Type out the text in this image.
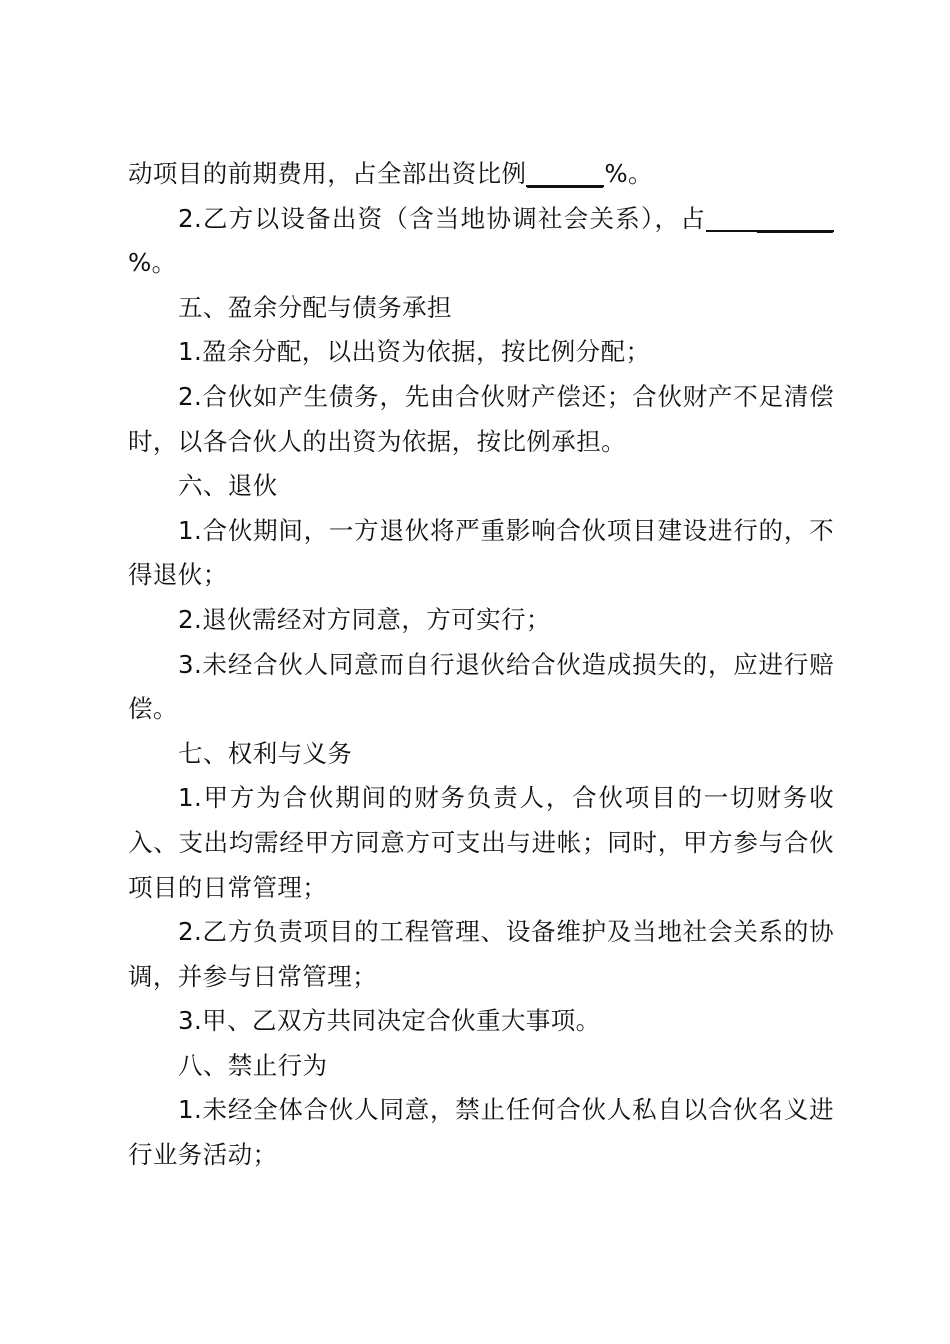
动项目的前期费用，占全部出资比例______%。

2.乙方以设备出资（含当地协调社会关系），占 ______%。

五、盈余分配与债务承担

1.盈余分配，以出资为依据，按比例分配；

2.合伙如产生债务，先由合伙财产偿还；合伙财产不足清偿时，以各合伙人的出资为依据，按比例承担。

六、退伙

1.合伙期间，一方退伙将严重影响合伙项目建设进行的，不得退伙；

2.退伙需经对方同意，方可实行；

3.未经合伙人同意而自行退伙给合伙造成损失的，应进行赔偿。

七、权利与义务

1.甲方为合伙期间的财务负责人，合伙项目的一切财务收入、支出均需经甲方同意方可支出与进帐；同时，甲方参与合伙项目的日常管理；

2.乙方负责项目的工程管理、设备维护及当地社会关系的协调，并参与日常管理；

3.甲、乙双方共同决定合伙重大事项。

八、禁止行为

1.未经全体合伙人同意，禁止任何合伙人私自以合伙名义进行业务活动；
